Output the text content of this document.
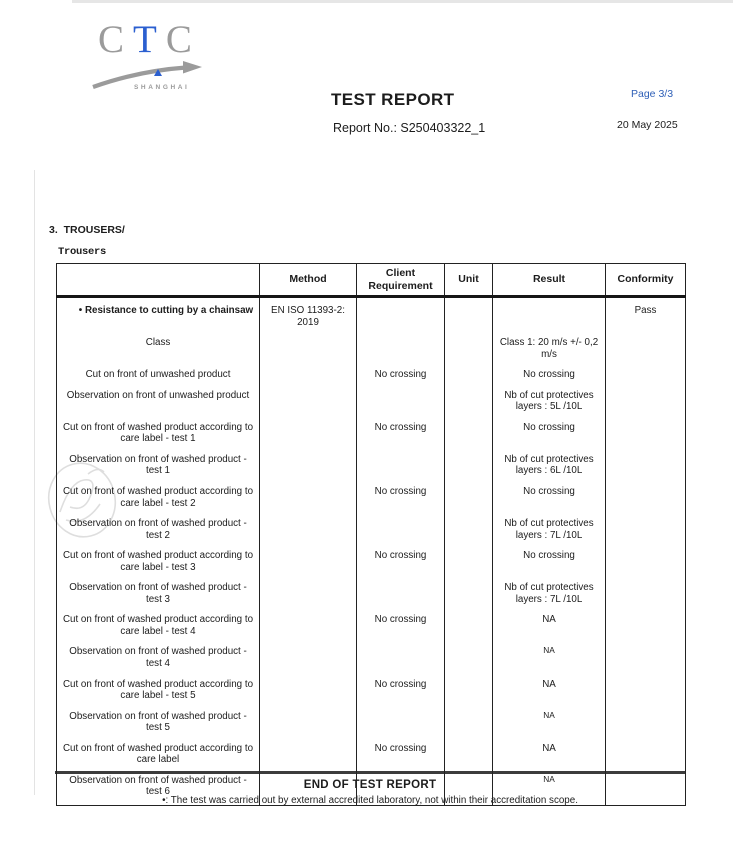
CTC
SHANGHAI
TEST REPORT
Report No.: S250403322_1
Page 3/3
20 May 2025
3.  TROUSERS/
Trousers
	Method	Client Requirement	Unit	Result	Conformity

• Resistance to cutting by a chainsaw	EN ISO 11393-2: 2019				Pass
Class				Class 1: 20 m/s +/- 0,2 m/s	
Cut on front of unwashed product		No crossing		No crossing	
Observation on front of unwashed product				Nb of cut protectives layers : 5L /10L	
Cut on front of washed product according to care label - test 1		No crossing		No crossing	
Observation on front of washed product - test 1				Nb of cut protectives layers : 6L /10L	
Cut on front of washed product according to care label - test 2		No crossing		No crossing	
Observation on front of washed product - test 2				Nb of cut protectives layers : 7L /10L	
Cut on front of washed product according to care label - test 3		No crossing		No crossing	
Observation on front of washed product - test 3				Nb of cut protectives layers : 7L /10L	
Cut on front of washed product according to care label - test 4		No crossing		NA	
Observation on front of washed product - test 4				NA	
Cut on front of washed product according to care label - test 5		No crossing		NA	
Observation on front of washed product - test 5				NA	
Cut on front of washed product according to care label		No crossing		NA	
Observation on front of washed product - test 6				NA	
END OF TEST REPORT
•: The test was carried out by external accredited laboratory, not within their accreditation scope.
